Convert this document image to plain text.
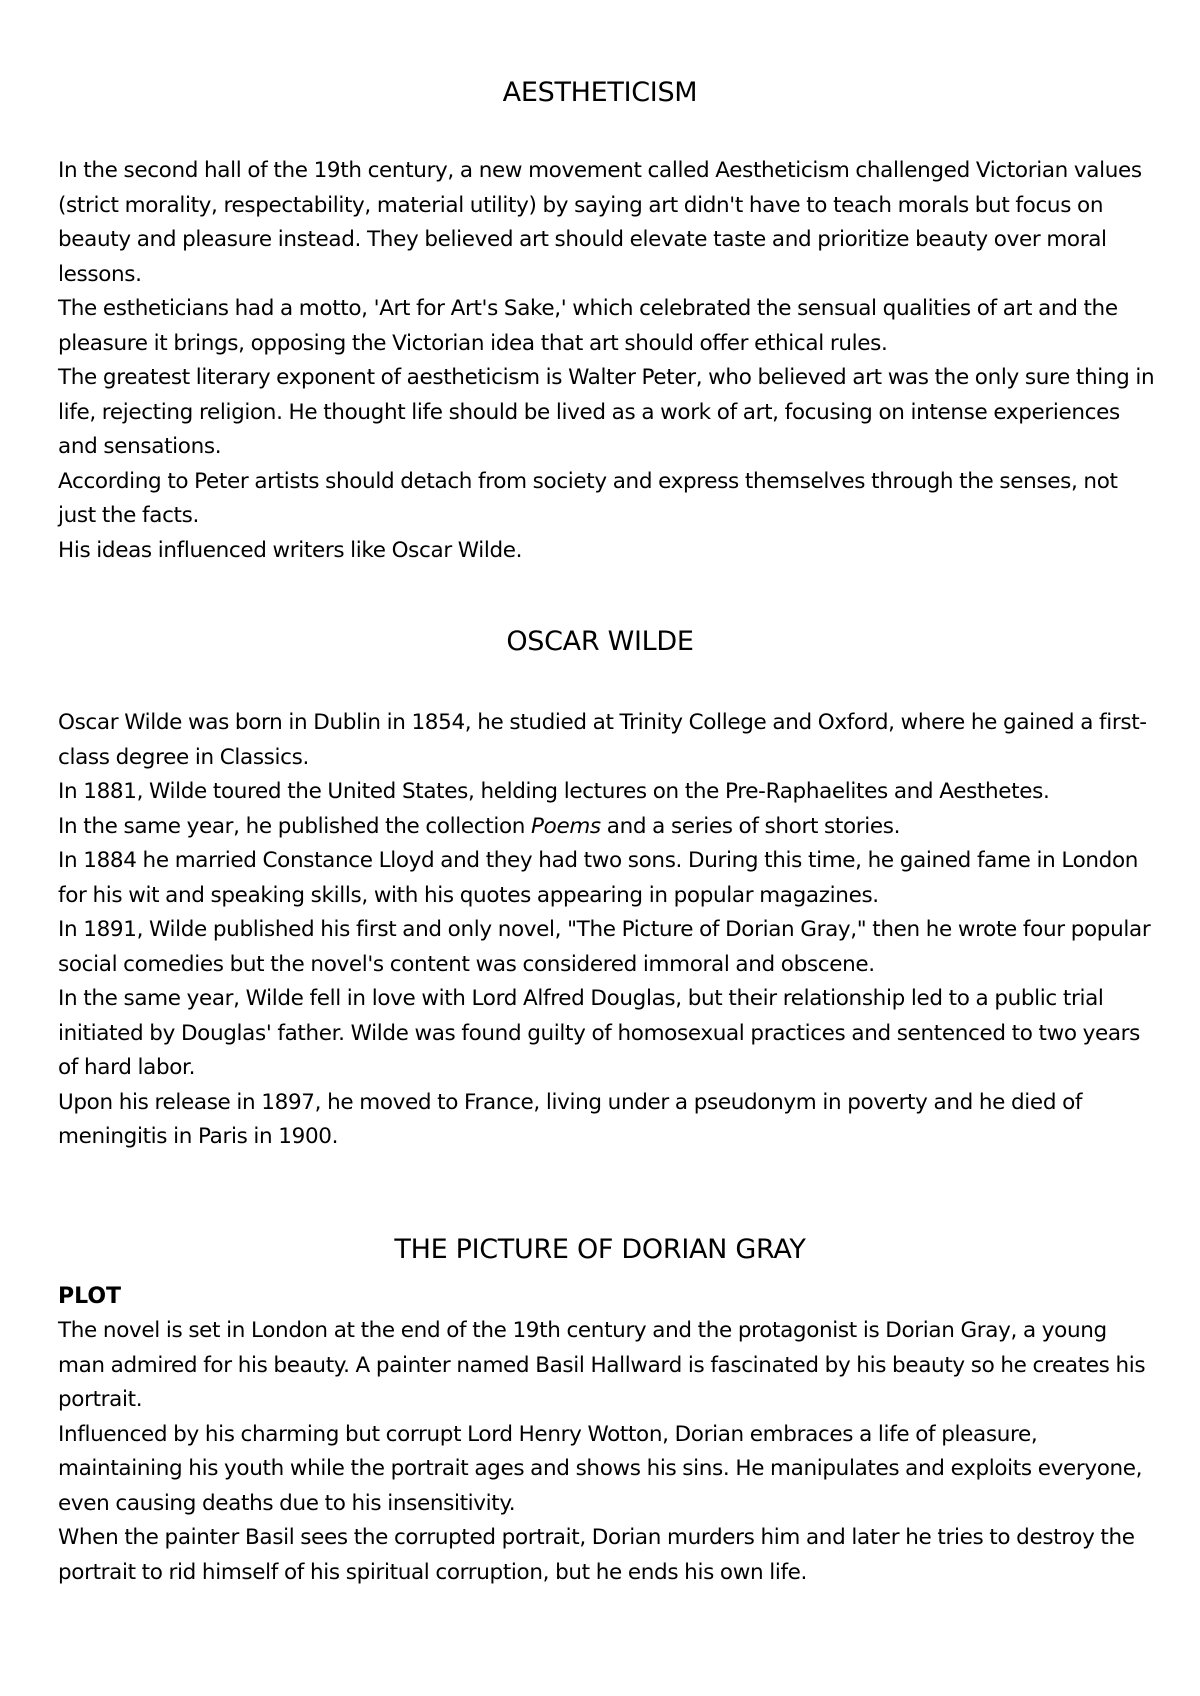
AESTHETICISM

In the second hall of the 19th century, a new movement called Aestheticism challenged Victorian values (strict morality, respectability, material utility) by saying art didn't have to teach morals but focus on beauty and pleasure instead. They believed art should elevate taste and prioritize beauty over moral lessons.

The estheticians had a motto, 'Art for Art's Sake,' which celebrated the sensual qualities of art and the pleasure it brings, opposing the Victorian idea that art should offer ethical rules.

The greatest literary exponent of aestheticism is Walter Peter, who believed art was the only sure thing in life, rejecting religion. He thought life should be lived as a work of art, focusing on intense experiences and sensations.

According to Peter artists should detach from society and express themselves through the senses, not just the facts.

His ideas influenced writers like Oscar Wilde.

OSCAR WILDE

Oscar Wilde was born in Dublin in 1854, he studied at Trinity College and Oxford, where he gained a first-class degree in Classics.

In 1881, Wilde toured the United States, helding lectures on the Pre-Raphaelites and Aesthetes.

In the same year, he published the collection Poems and a series of short stories.

In 1884 he married Constance Lloyd and they had two sons. During this time, he gained fame in London for his wit and speaking skills, with his quotes appearing in popular magazines.

In 1891, Wilde published his first and only novel, "The Picture of Dorian Gray," then he wrote four popular social comedies but the novel's content was considered immoral and obscene.

In the same year, Wilde fell in love with Lord Alfred Douglas, but their relationship led to a public trial initiated by Douglas' father. Wilde was found guilty of homosexual practices and sentenced to two years of hard labor.

Upon his release in 1897, he moved to France, living under a pseudonym in poverty and he died of meningitis in Paris in 1900.

THE PICTURE OF DORIAN GRAY
PLOT

The novel is set in London at the end of the 19th century and the protagonist is Dorian Gray, a young man admired for his beauty. A painter named Basil Hallward is fascinated by his beauty so he creates his portrait.

Influenced by his charming but corrupt Lord Henry Wotton, Dorian embraces a life of pleasure, maintaining his youth while the portrait ages and shows his sins. He manipulates and exploits everyone, even causing deaths due to his insensitivity.

When the painter Basil sees the corrupted portrait, Dorian murders him and later he tries to destroy the portrait to rid himself of his spiritual corruption, but he ends his own life.
